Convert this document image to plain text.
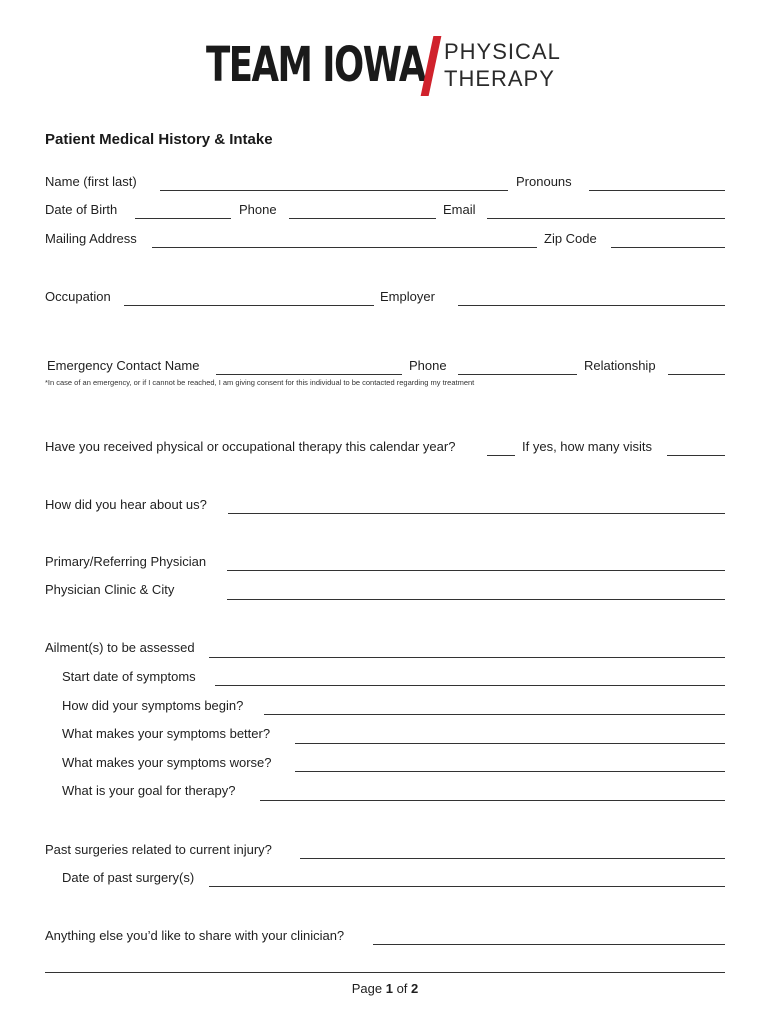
TEAM IOWA PHYSICAL
THERAPY
Patient Medical History & Intake
Name (first last)	Pronouns
Date of Birth	Phone	Email
Mailing Address	Zip Code
Occupation	Employer
Emergency Contact Name	Phone	Relationship
*In case of an emergency, or if I cannot be reached, I am giving consent for this individual to be contacted regarding my treatment
Have you received physical or occupational therapy this calendar year?	If yes, how many visits
How did you hear about us?
Primary/Referring Physician
Physician Clinic & City
Ailment(s) to be assessed
Start date of symptoms
How did your symptoms begin?
What makes your symptoms better?
What makes your symptoms worse?
What is your goal for therapy?
Past surgeries related to current injury?
Date of past surgery(s)
Anything else you’d like to share with your clinician?
Page 1 of 2
